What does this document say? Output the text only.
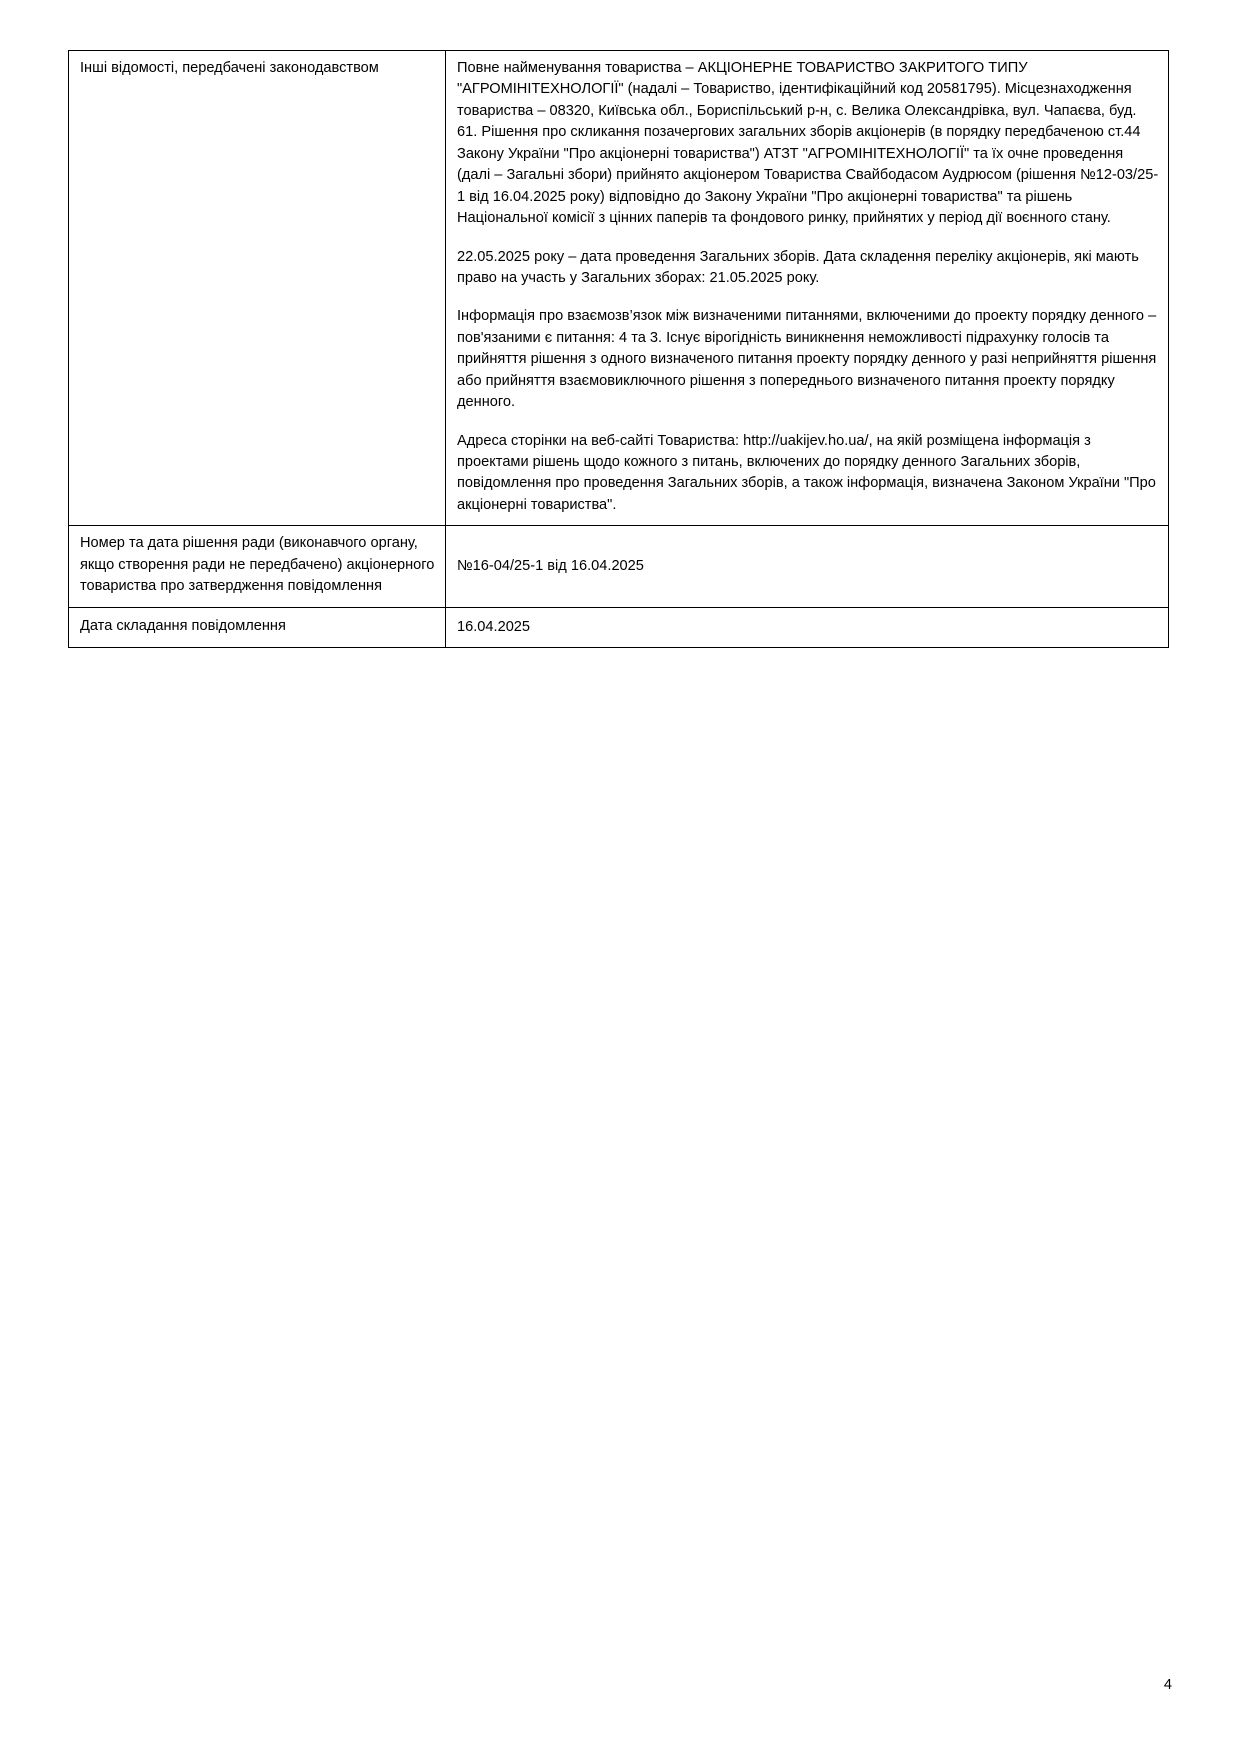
Інші відомості, передбачені законодавством	Повне найменування товариства – АКЦІОНЕРНЕ ТОВАРИСТВО ЗАКРИТОГО ТИПУ "АГРОМІНІТЕХНОЛОГІЇ" (надалі – Товариство, ідентифікаційний код 20581795). Місцезнаходження товариства – 08320, Київська обл., Бориспільський р-н, с. Велика Олександрівка, вул. Чапаєва, буд. 61. Рішення про скликання позачергових загальних зборів акціонерів (в порядку передбаченою ст.44 Закону України "Про акціонерні товариства") АТЗТ "АГРОМІНІТЕХНОЛОГІЇ" та їх очне проведення (далі – Загальні збори) прийнято акціонером Товариства Свайбодасом Аудрюсом (рішення №12-03/25-1 від 16.04.2025 року) відповідно до Закону України "Про акціонерні товариства" та рішень Національної комісії з цінних паперів та фондового ринку, прийнятих у період дії воєнного стану.

22.05.2025 року – дата проведення Загальних зборів. Дата складення переліку акціонерів, які мають право на участь у Загальних зборах: 21.05.2025 року.

Інформація про взаємозв’язок між визначеними питаннями, включеними до проекту порядку денного – пов'язаними є питання: 4 та 3. Існує вірогідність виникнення неможливості підрахунку голосів та прийняття рішення з одного визначеного питання проекту порядку денного у разі неприйняття рішення або прийняття взаємовиключного рішення з попереднього визначеного питання проекту порядку денного.

Адреса сторінки на веб-сайті Товариства: http://uakijev.ho.ua/, на якій розміщена інформація з проектами рішень щодо кожного з питань, включених до порядку денного Загальних зборів, повідомлення про проведення Загальних зборів, а також інформація, визначена Законом України "Про акціонерні товариства".

Номер та дата рішення ради (виконавчого органу, якщо створення ради не передбачено) акціонерного товариства про затвердження повідомлення	№16-04/25-1 від 16.04.2025

Дата складання повідомлення	16.04.2025

4
